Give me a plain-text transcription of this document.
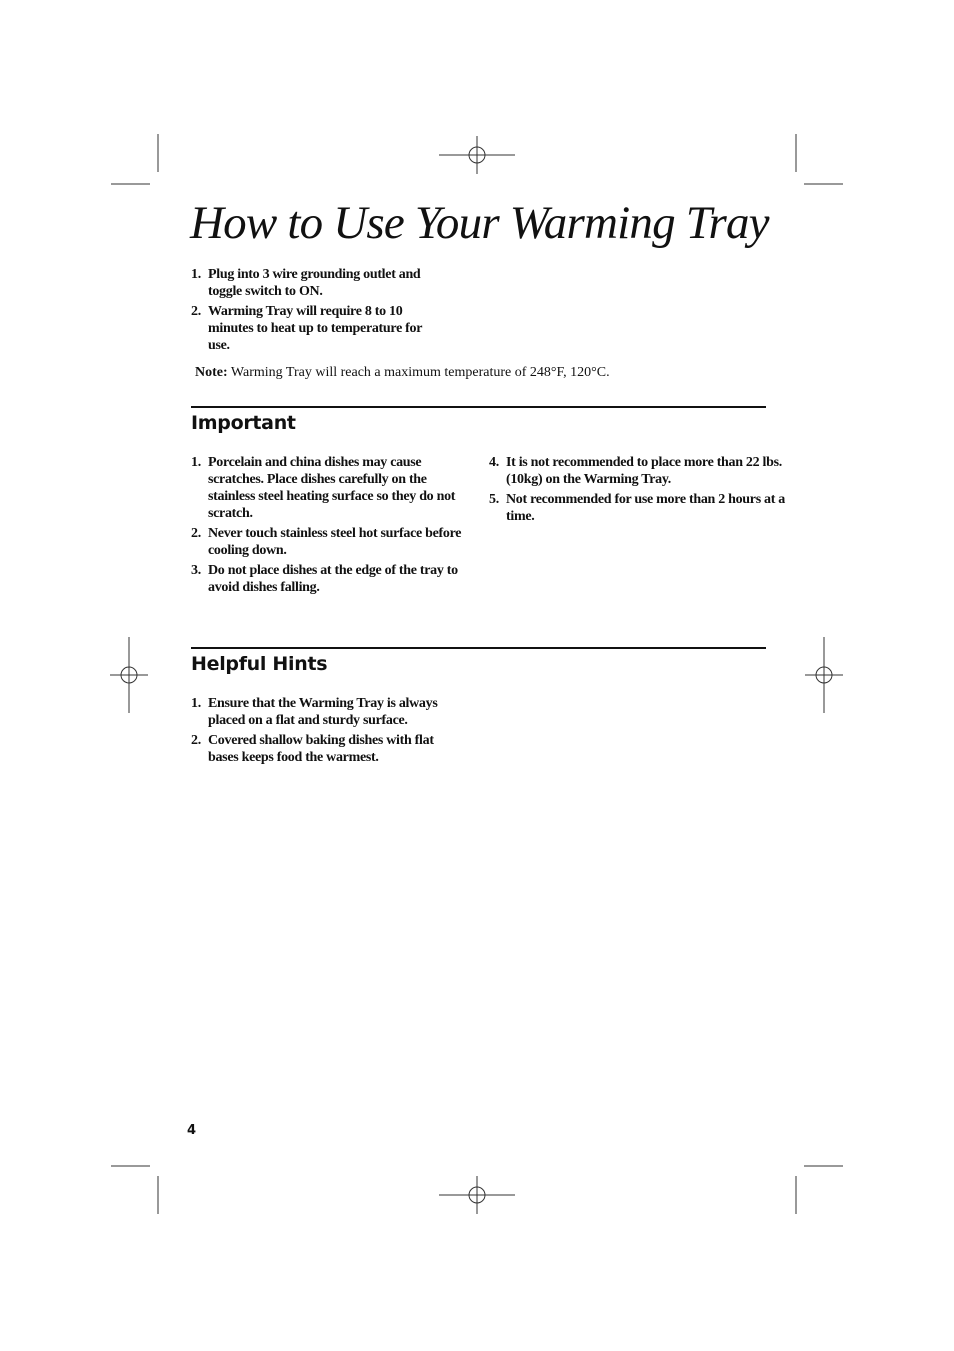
How to Use Your Warming Tray
1. Plug into 3 wire grounding outlet and toggle switch to ON.
2. Warming Tray will require 8 to 10 minutes to heat up to temperature for use.

Note: Warming Tray will reach a maximum temperature of 248°F, 120°C.

Important
1. Porcelain and china dishes may cause scratches. Place dishes carefully on the stainless steel heating surface so they do not scratch.
2. Never touch stainless steel hot surface before cooling down.
3. Do not place dishes at the edge of the tray to avoid dishes falling.
4. It is not recommended to place more than 22 lbs. (10kg) on the Warming Tray.
5. Not recommended for use more than 2 hours at a time.
Helpful Hints
1. Ensure that the Warming Tray is always placed on a flat and sturdy surface.
2. Covered shallow baking dishes with flat bases keeps food the warmest.
4
